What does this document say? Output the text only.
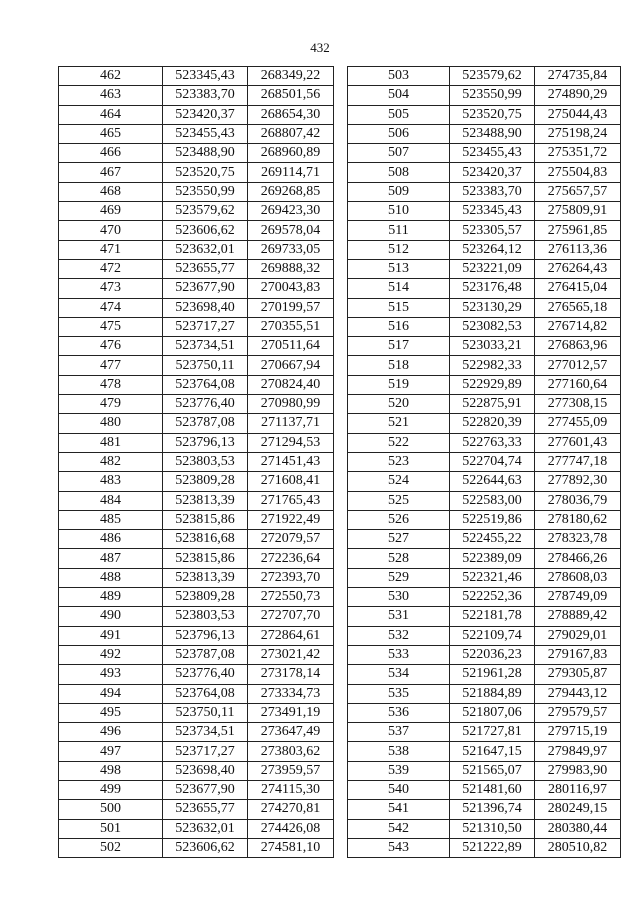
432
462	523345,43	268349,22
463	523383,70	268501,56
464	523420,37	268654,30
465	523455,43	268807,42
466	523488,90	268960,89
467	523520,75	269114,71
468	523550,99	269268,85
469	523579,62	269423,30
470	523606,62	269578,04
471	523632,01	269733,05
472	523655,77	269888,32
473	523677,90	270043,83
474	523698,40	270199,57
475	523717,27	270355,51
476	523734,51	270511,64
477	523750,11	270667,94
478	523764,08	270824,40
479	523776,40	270980,99
480	523787,08	271137,71
481	523796,13	271294,53
482	523803,53	271451,43
483	523809,28	271608,41
484	523813,39	271765,43
485	523815,86	271922,49
486	523816,68	272079,57
487	523815,86	272236,64
488	523813,39	272393,70
489	523809,28	272550,73
490	523803,53	272707,70
491	523796,13	272864,61
492	523787,08	273021,42
493	523776,40	273178,14
494	523764,08	273334,73
495	523750,11	273491,19
496	523734,51	273647,49
497	523717,27	273803,62
498	523698,40	273959,57
499	523677,90	274115,30
500	523655,77	274270,81
501	523632,01	274426,08
502	523606,62	274581,10
503	523579,62	274735,84
504	523550,99	274890,29
505	523520,75	275044,43
506	523488,90	275198,24
507	523455,43	275351,72
508	523420,37	275504,83
509	523383,70	275657,57
510	523345,43	275809,91
511	523305,57	275961,85
512	523264,12	276113,36
513	523221,09	276264,43
514	523176,48	276415,04
515	523130,29	276565,18
516	523082,53	276714,82
517	523033,21	276863,96
518	522982,33	277012,57
519	522929,89	277160,64
520	522875,91	277308,15
521	522820,39	277455,09
522	522763,33	277601,43
523	522704,74	277747,18
524	522644,63	277892,30
525	522583,00	278036,79
526	522519,86	278180,62
527	522455,22	278323,78
528	522389,09	278466,26
529	522321,46	278608,03
530	522252,36	278749,09
531	522181,78	278889,42
532	522109,74	279029,01
533	522036,23	279167,83
534	521961,28	279305,87
535	521884,89	279443,12
536	521807,06	279579,57
537	521727,81	279715,19
538	521647,15	279849,97
539	521565,07	279983,90
540	521481,60	280116,97
541	521396,74	280249,15
542	521310,50	280380,44
543	521222,89	280510,82
